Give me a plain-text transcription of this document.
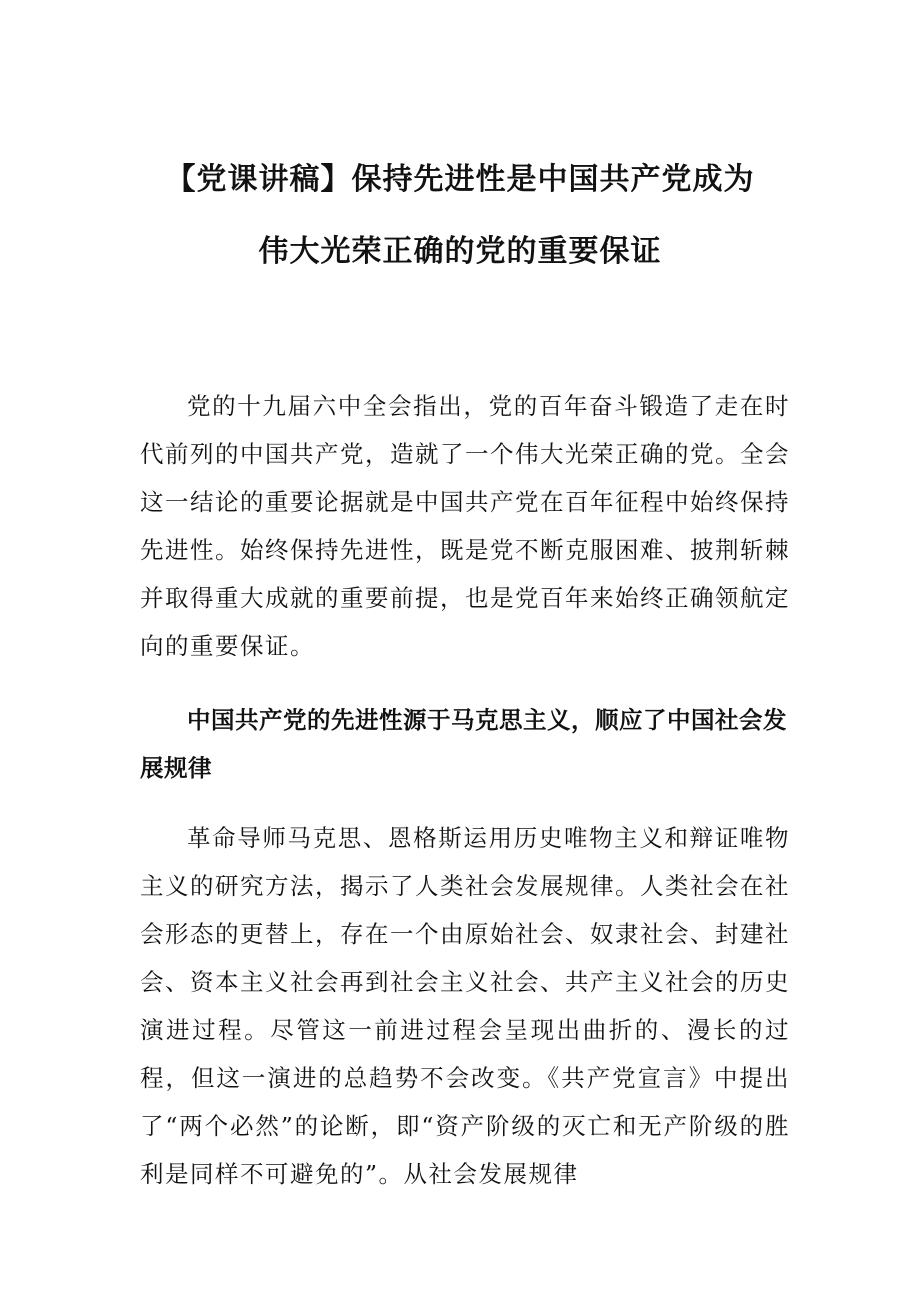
【党课讲稿】保持先进性是中国共产党成为
伟大光荣正确的党的重要保证

党的十九届六中全会指出，党的百年奋斗锻造了走在时代前列的中国共产党，造就了一个伟大光荣正确的党。全会这一结论的重要论据就是中国共产党在百年征程中始终保持先进性。始终保持先进性，既是党不断克服困难、披荆斩棘并取得重大成就的重要前提，也是党百年来始终正确领航定向的重要保证。

中国共产党的先进性源于马克思主义，顺应了中国社会发展规律

革命导师马克思、恩格斯运用历史唯物主义和辩证唯物主义的研究方法，揭示了人类社会发展规律。人类社会在社会形态的更替上，存在一个由原始社会、奴隶社会、封建社会、资本主义社会再到社会主义社会、共产主义社会的历史演进过程。尽管这一前进过程会呈现出曲折的、漫长的过程，但这一演进的总趋势不会改变。《共产党宣言》中提出了“两个必然”的论断，即“资产阶级的灭亡和无产阶级的胜利是同样不可避免的”。从社会发展规律
